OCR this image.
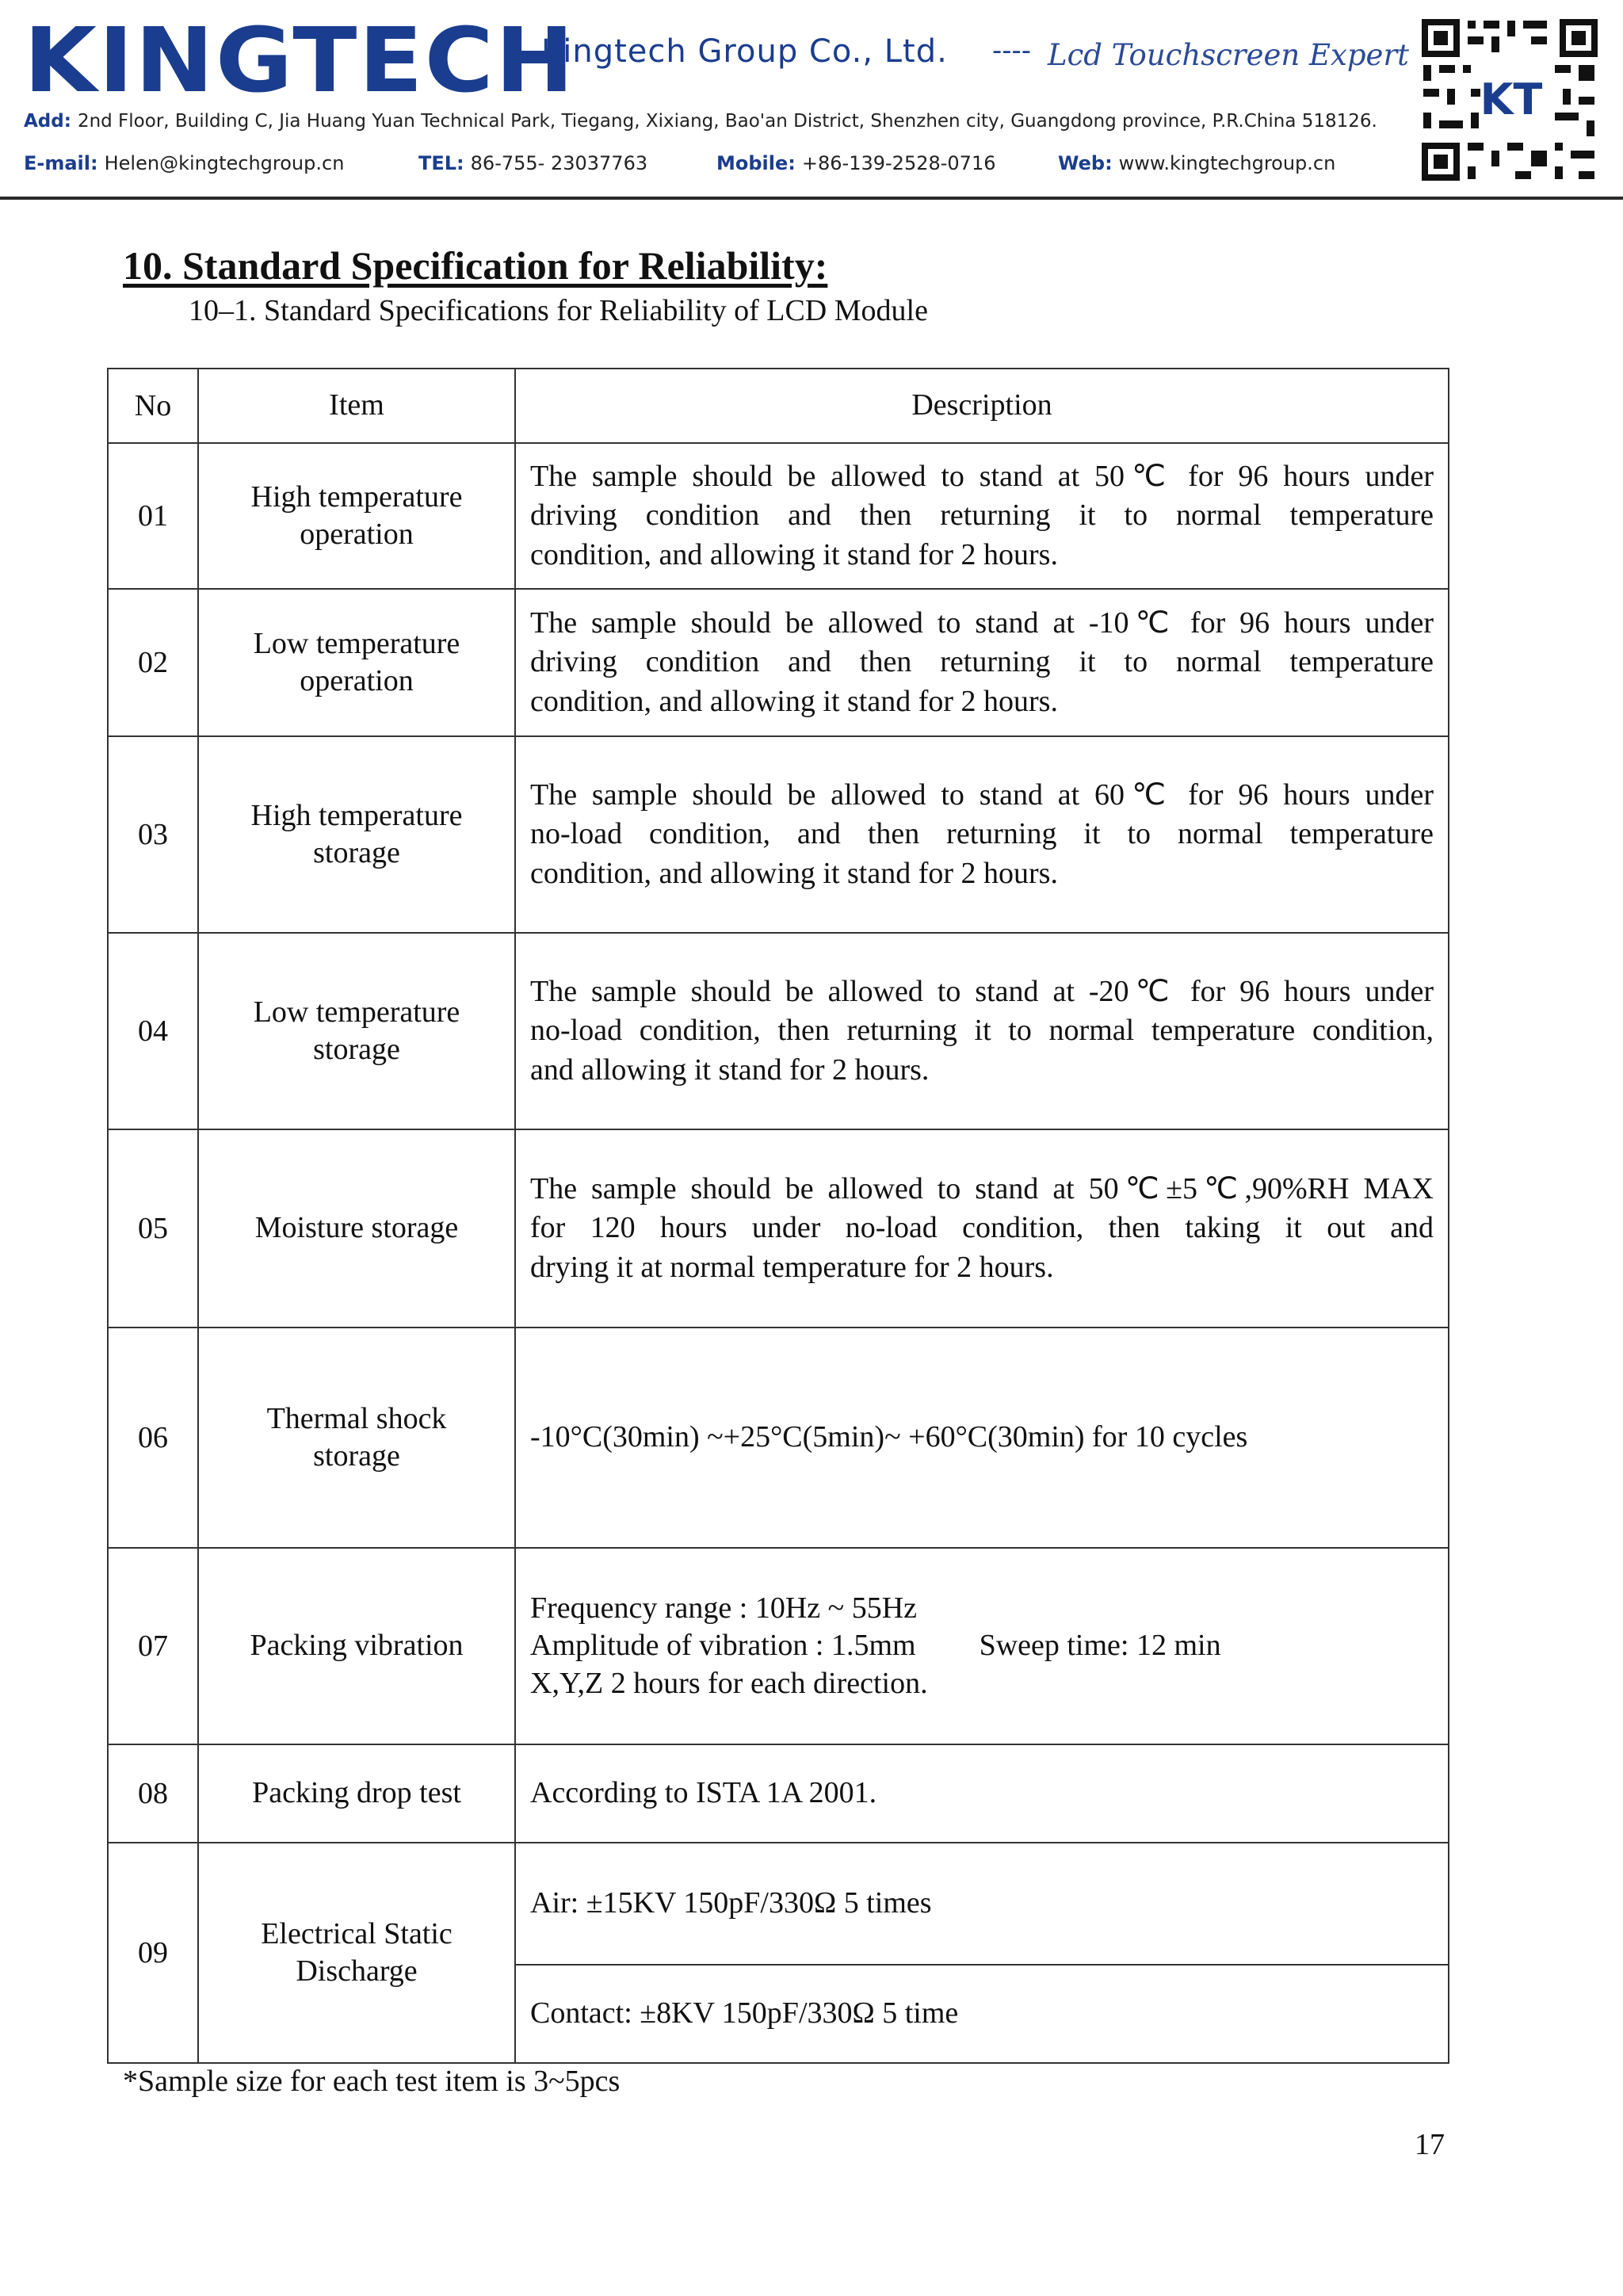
KINGTECH
Kingtech Group Co., Ltd. ---- Lcd Touchscreen Expert
Add: 2nd Floor, Building C, Jia Huang Yuan Technical Park, Tiegang, Xixiang, Bao'an District, Shenzhen city, Guangdong province, P.R.China 518126.
E-mail: Helen@kingtechgroup.cn	TEL: 86-755- 23037763	Mobile: +86-139-2528-0716	Web: www.kingtechgroup.cn
KT
10. Standard Specification for Reliability:
10–1. Standard Specifications for Reliability of LCD Module
No	Item	Description
01	High temperature
operation	The sample should be allowed to stand at 50℃ for 96 hours under
driving condition and then returning it to normal temperature
condition, and allowing it stand for 2 hours.

02	Low temperature
operation	The sample should be allowed to stand at -10℃ for 96 hours under
driving condition and then returning it to normal temperature
condition, and allowing it stand for 2 hours.

03	High temperature
storage	The sample should be allowed to stand at 60℃ for 96 hours under
no-load condition, and then returning it to normal temperature
condition, and allowing it stand for 2 hours.

04	Low temperature
storage	The sample should be allowed to stand at -20℃ for 96 hours under
no-load condition, then returning it to normal temperature condition,
and allowing it stand for 2 hours.

05	Moisture storage	The sample should be allowed to stand at 50℃±5℃,90%RH MAX
for 120 hours under no-load condition, then taking it out and
drying it at normal temperature for 2 hours.

06	Thermal shock
storage	-10°C(30min) ~+25°C(5min)~ +60°C(30min) for 10 cycles

07	Packing vibration	Frequency range : 10Hz ~ 55Hz
Amplitude of vibration : 1.5mm Sweep time: 12 min
X,Y,Z 2 hours for each direction.

08	Packing drop test	According to ISTA 1A 2001.

09	Electrical Static
Discharge	Air: ±15KV 150pF/330Ω 5 times
		Contact: ±8KV 150pF/330Ω 5 time
*Sample size for each test item is 3~5pcs
17
